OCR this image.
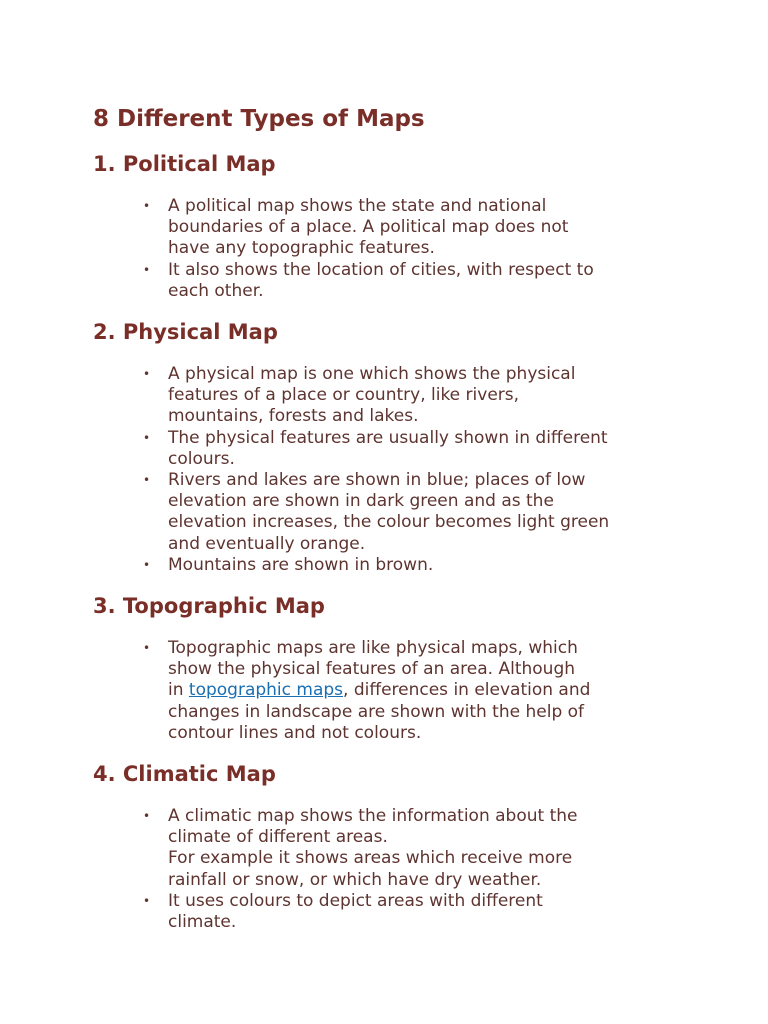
8 Different Types of Maps
1. Political Map
• A political map shows the state and national
boundaries of a place. A political map does not
have any topographic features.
• It also shows the location of cities, with respect to
each other.
2. Physical Map
• A physical map is one which shows the physical
features of a place or country, like rivers,
mountains, forests and lakes.
• The physical features are usually shown in different
colours.
• Rivers and lakes are shown in blue; places of low
elevation are shown in dark green and as the
elevation increases, the colour becomes light green
and eventually orange.
• Mountains are shown in brown.
3. Topographic Map
• Topographic maps are like physical maps, which
show the physical features of an area. Although
in topographic maps, differences in elevation and
changes in landscape are shown with the help of
contour lines and not colours.
4. Climatic Map
• A climatic map shows the information about the
climate of different areas.
For example it shows areas which receive more
rainfall or snow, or which have dry weather.
• It uses colours to depict areas with different
climate.
